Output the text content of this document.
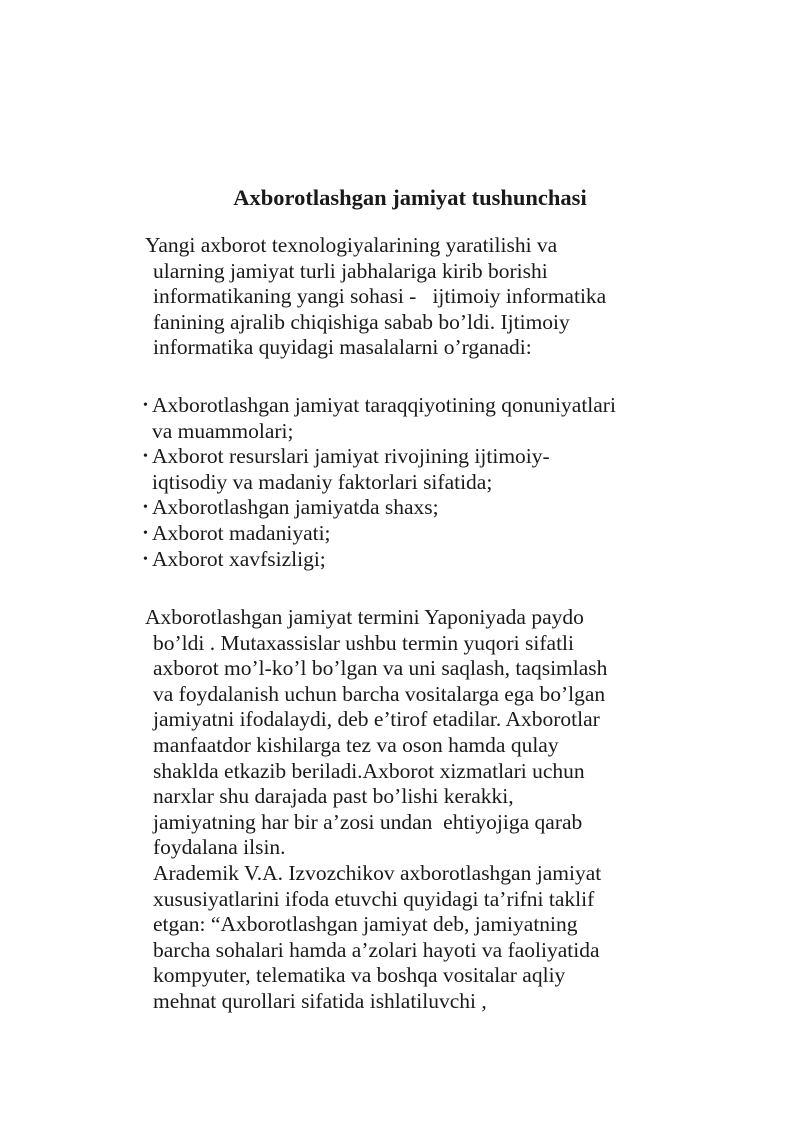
Axborotlashgan jamiyat tushunchasi
Yangi axborot texnologiyalarining yaratilishi va
ularning jamiyat turli jabhalariga kirib borishi
informatikaning yangi sohasi -   ijtimoiy informatika
fanining ajralib chiqishiga sabab bo’ldi. Ijtimoiy
informatika quyidagi masalalarni o’rganadi:
• Axborotlashgan jamiyat taraqqiyotining qonuniyatlari
va muammolari;
• Axborot resurslari jamiyat rivojining ijtimoiy-
iqtisodiy va madaniy faktorlari sifatida;
• Axborotlashgan jamiyatda shaxs;
• Axborot madaniyati;
• Axborot xavfsizligi;
Axborotlashgan jamiyat termini Yaponiyada paydo
bo’ldi . Mutaxassislar ushbu termin yuqori sifatli
axborot mo’l-ko’l bo’lgan va uni saqlash, taqsimlash
va foydalanish uchun barcha vositalarga ega bo’lgan
jamiyatni ifodalaydi, deb e’tirof etadilar. Axborotlar
manfaatdor kishilarga tez va oson hamda qulay
shaklda etkazib beriladi.Axborot xizmatlari uchun
narxlar shu darajada past bo’lishi kerakki,
jamiyatning har bir a’zosi undan  ehtiyojiga qarab
foydalana ilsin.
Arademik V.A. Izvozchikov axborotlashgan jamiyat
xususiyatlarini ifoda etuvchi quyidagi ta’rifni taklif
etgan: “Axborotlashgan jamiyat deb, jamiyatning
barcha sohalari hamda a’zolari hayoti va faoliyatida
kompyuter, telematika va boshqa vositalar aqliy
mehnat qurollari sifatida ishlatiluvchi ,
